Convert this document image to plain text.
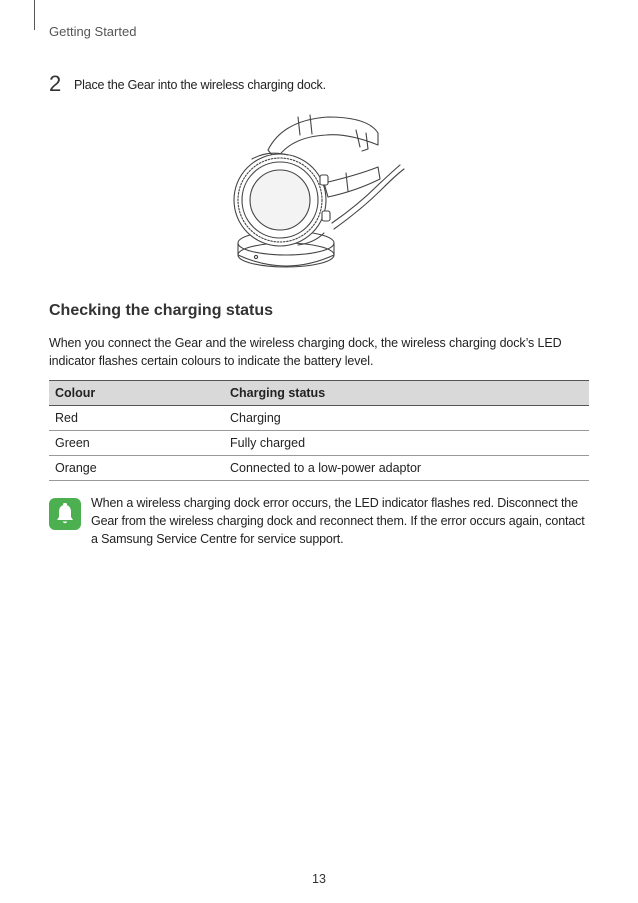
Getting Started
2	Place the Gear into the wireless charging dock.
Checking the charging status
When you connect the Gear and the wireless charging dock, the wireless charging dock’s LED indicator flashes certain colours to indicate the battery level.
Colour	Charging status
Red	Charging
Green	Fully charged
Orange	Connected to a low-power adaptor
When a wireless charging dock error occurs, the LED indicator flashes red. Disconnect the Gear from the wireless charging dock and reconnect them. If the error occurs again, contact a Samsung Service Centre for service support.
13
